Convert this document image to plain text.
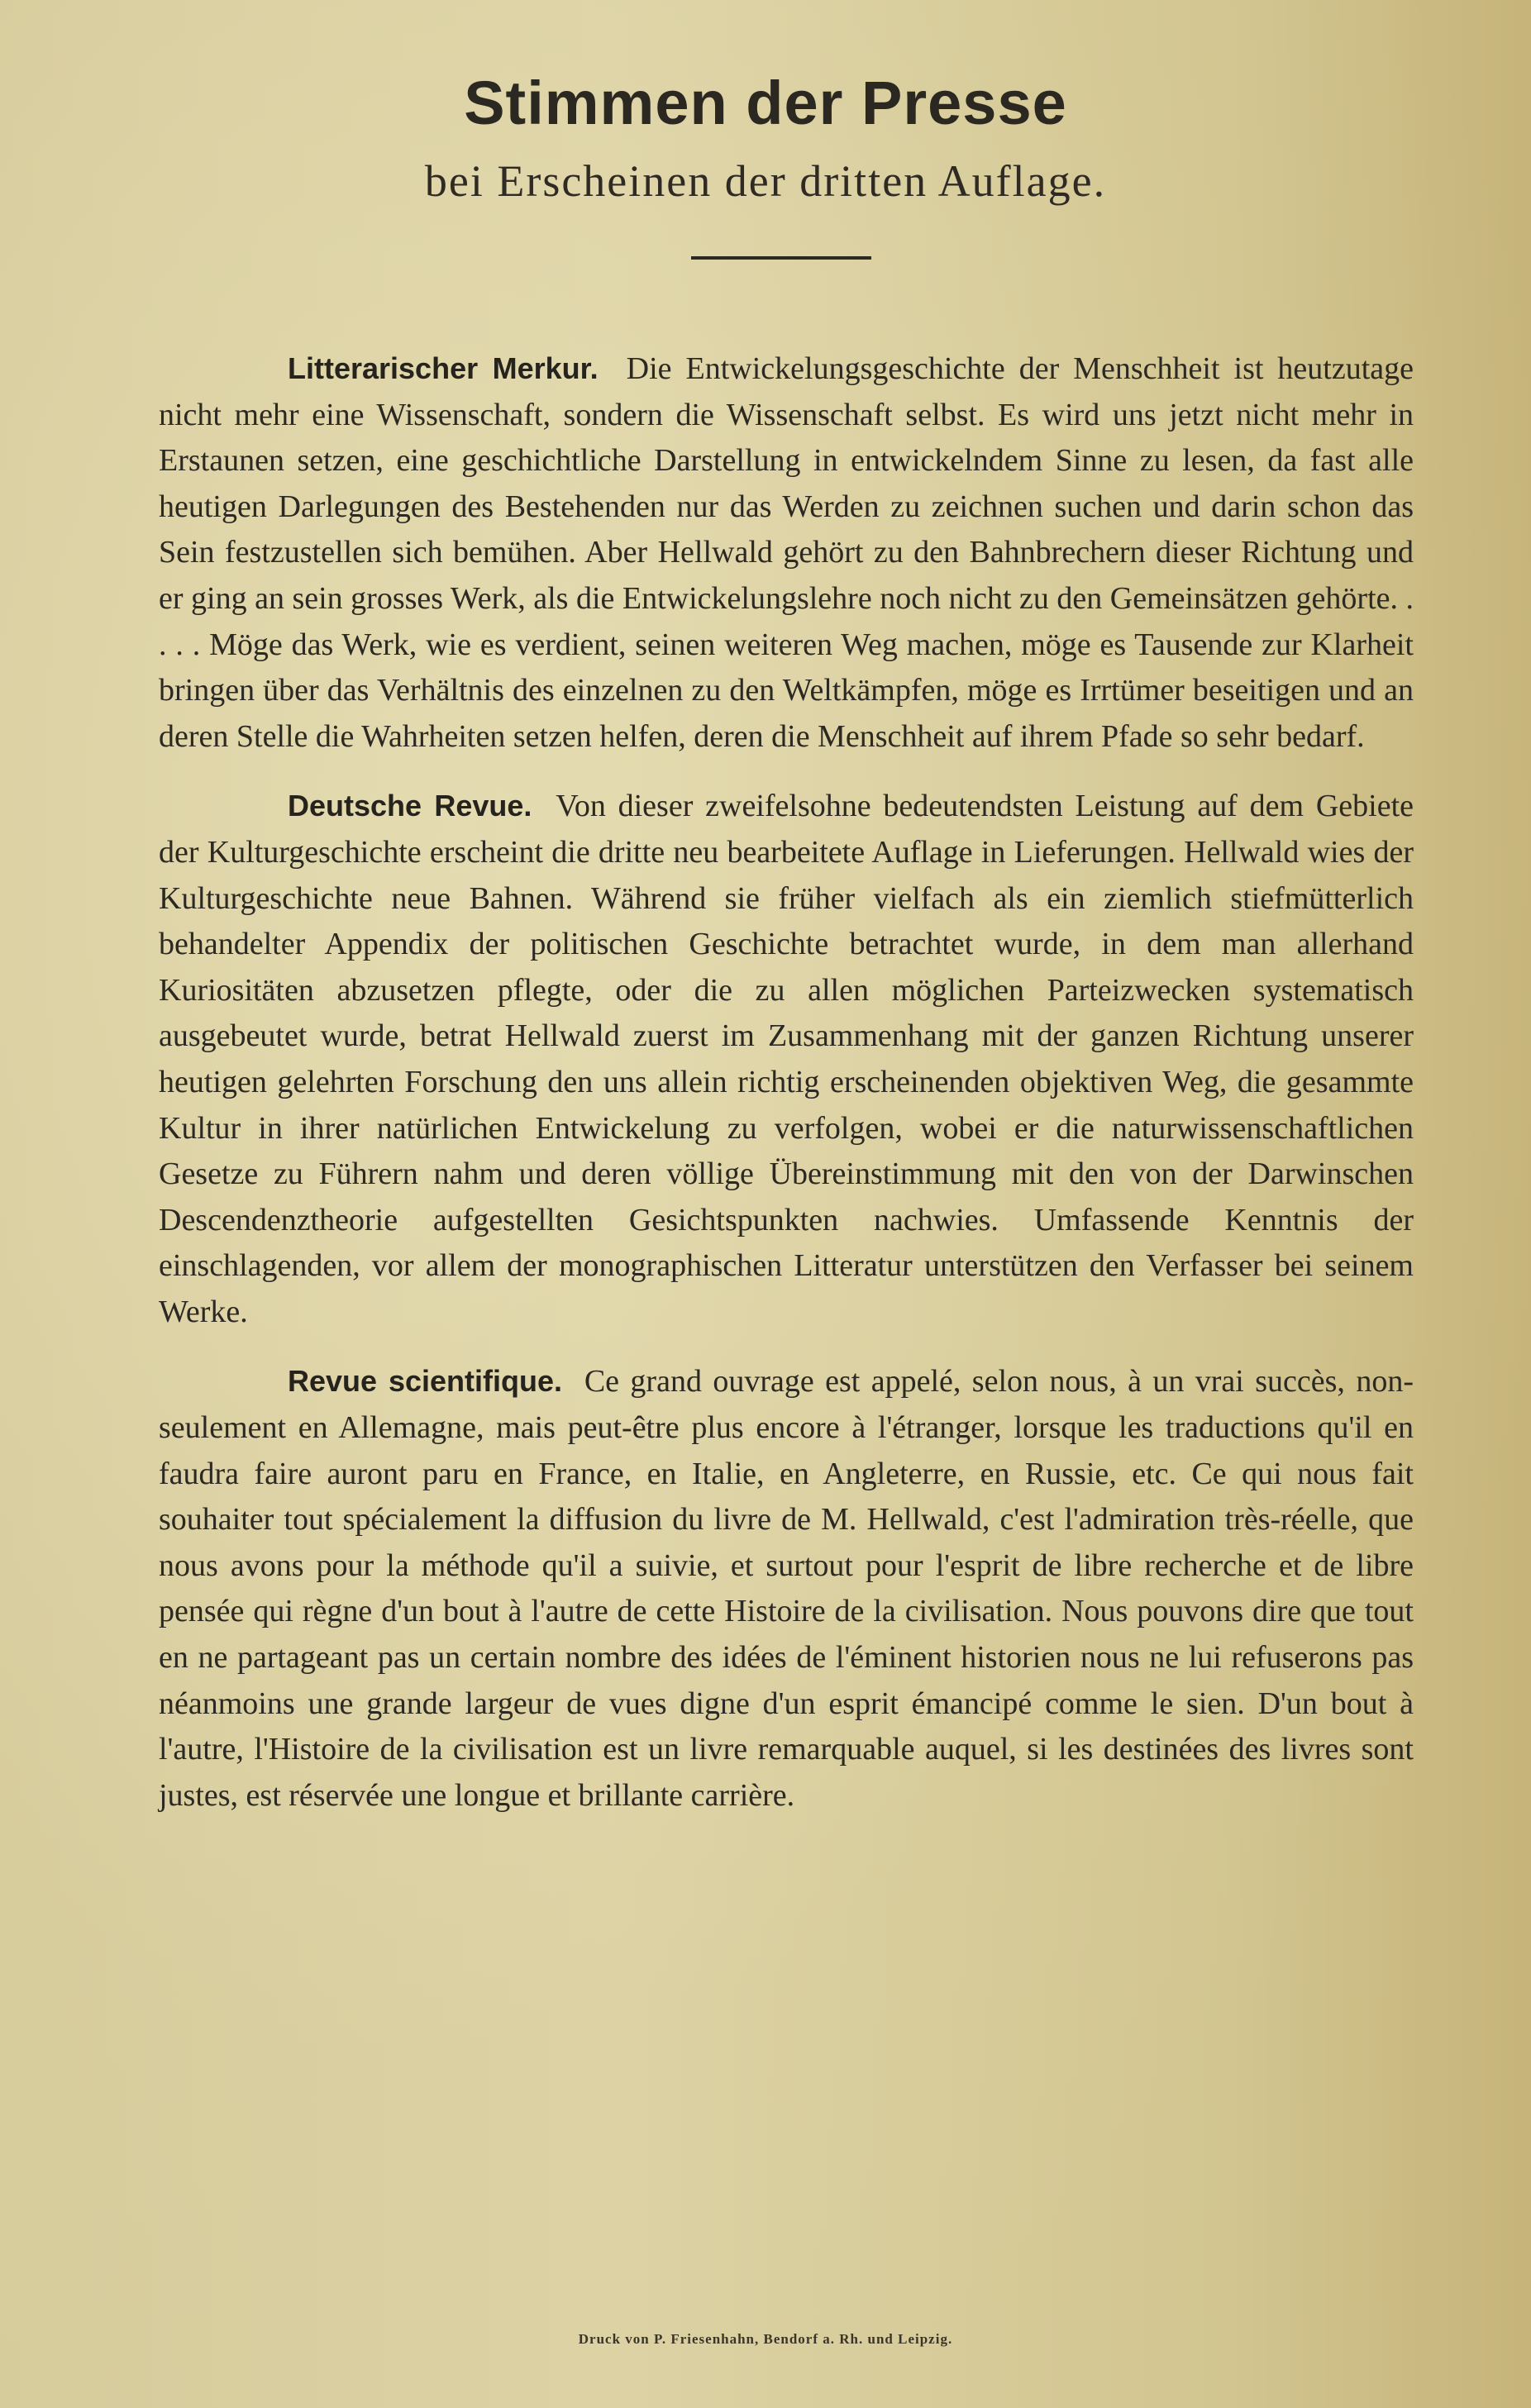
Stimmen der Presse
bei Erscheinen der dritten Auflage.

Litterarischer Merkur. Die Entwickelungsgeschichte der Menschheit ist heutzutage nicht mehr eine Wissenschaft, sondern die Wissenschaft selbst. Es wird uns jetzt nicht mehr in Erstaunen setzen, eine geschichtliche Darstellung in entwickelndem Sinne zu lesen, da fast alle heutigen Darlegungen des Bestehenden nur das Werden zu zeichnen suchen und darin schon das Sein festzustellen sich bemühen. Aber Hellwald gehört zu den Bahnbrechern dieser Richtung und er ging an sein grosses Werk, als die Entwickelungslehre noch nicht zu den Gemeinsätzen gehörte. . . . . Möge das Werk, wie es verdient, seinen weiteren Weg machen, möge es Tausende zur Klarheit bringen über das Verhältnis des einzelnen zu den Weltkämpfen, möge es Irrtümer beseitigen und an deren Stelle die Wahrheiten setzen helfen, deren die Menschheit auf ihrem Pfade so sehr bedarf.

Deutsche Revue. Von dieser zweifelsohne bedeutendsten Leistung auf dem Gebiete der Kulturgeschichte erscheint die dritte neu bearbeitete Auflage in Lieferungen. Hellwald wies der Kulturgeschichte neue Bahnen. Während sie früher vielfach als ein ziemlich stiefmütterlich behandelter Appendix der politischen Geschichte betrachtet wurde, in dem man allerhand Kuriositäten abzusetzen pflegte, oder die zu allen möglichen Parteizwecken systematisch ausgebeutet wurde, betrat Hellwald zuerst im Zusammenhang mit der ganzen Richtung unserer heutigen gelehrten Forschung den uns allein richtig erscheinenden objektiven Weg, die gesammte Kultur in ihrer natürlichen Entwickelung zu verfolgen, wobei er die naturwissenschaftlichen Gesetze zu Führern nahm und deren völlige Übereinstimmung mit den von der Darwinschen Descendenztheorie aufgestellten Gesichtspunkten nachwies. Umfassende Kenntnis der einschlagenden, vor allem der monographischen Litteratur unterstützen den Verfasser bei seinem Werke.

Revue scientifique. Ce grand ouvrage est appelé, selon nous, à un vrai succès, non-seulement en Allemagne, mais peut-être plus encore à l'étranger, lorsque les traductions qu'il en faudra faire auront paru en France, en Italie, en Angleterre, en Russie, etc. Ce qui nous fait souhaiter tout spécialement la diffusion du livre de M. Hellwald, c'est l'admiration très-réelle, que nous avons pour la méthode qu'il a suivie, et surtout pour l'esprit de libre recherche et de libre pensée qui règne d'un bout à l'autre de cette Histoire de la civilisation. Nous pouvons dire que tout en ne partageant pas un certain nombre des idées de l'éminent historien nous ne lui refuserons pas néanmoins une grande largeur de vues digne d'un esprit émancipé comme le sien. D'un bout à l'autre, l'Histoire de la civilisation est un livre remarquable auquel, si les destinées des livres sont justes, est réservée une longue et brillante carrière.

Druck von P. Friesenhahn, Bendorf a. Rh. und Leipzig.
